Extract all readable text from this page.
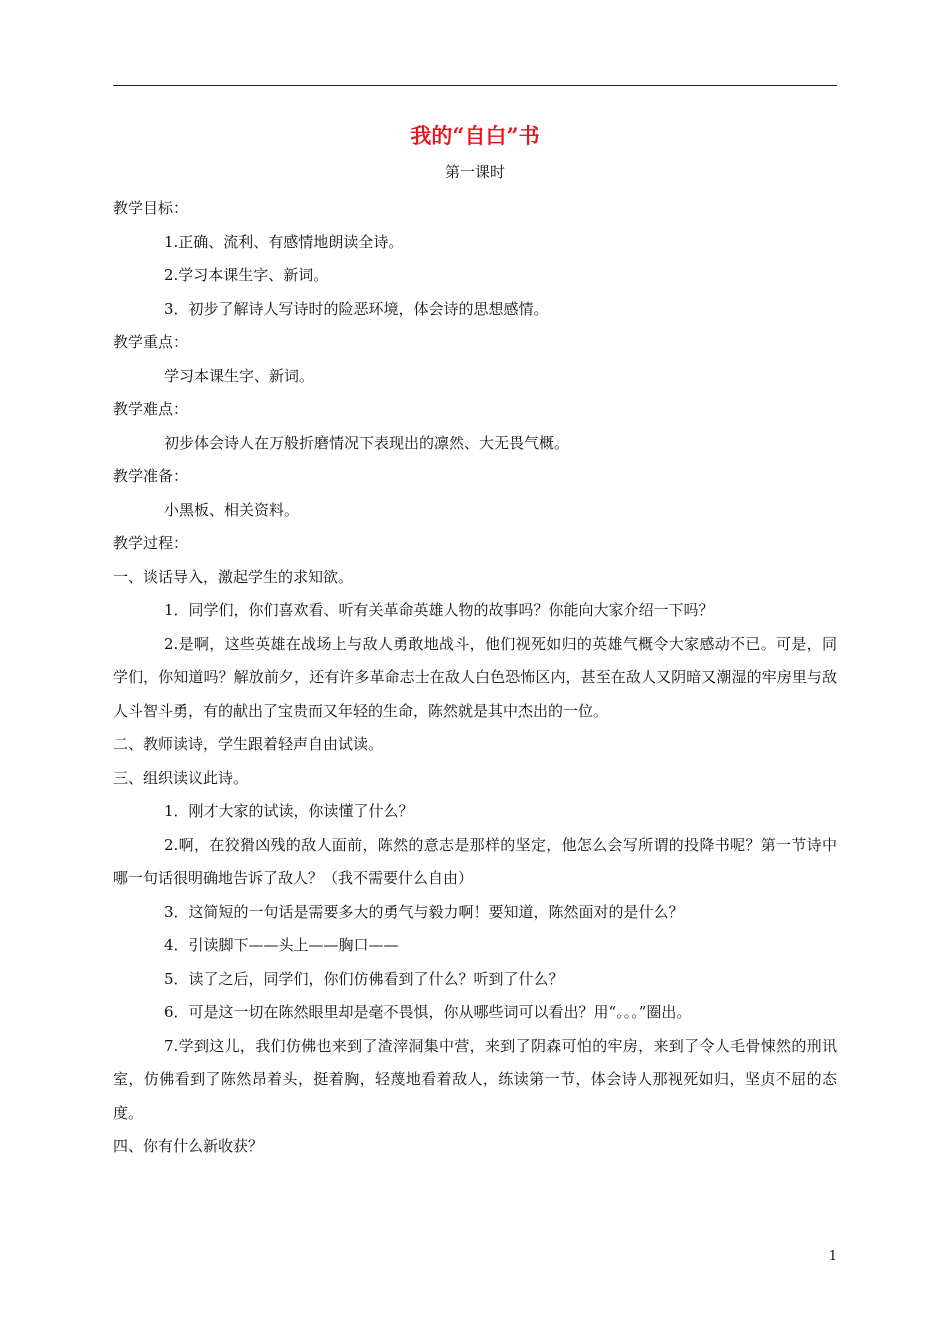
我的“自白”书
第一课时

教学目标：

1.正确、流利、有感情地朗读全诗。

2.学习本课生字、新词。

3．初步了解诗人写诗时的险恶环境，体会诗的思想感情。

教学重点：

学习本课生字、新词。

教学难点：

初步体会诗人在万般折磨情况下表现出的凛然、大无畏气概。

教学准备：

小黑板、相关资料。

教学过程：

一、谈话导入，激起学生的求知欲。

1．同学们，你们喜欢看、听有关革命英雄人物的故事吗？你能向大家介绍一下吗？

2.是啊，这些英雄在战场上与敌人勇敢地战斗，他们视死如归的英雄气概令大家感动不已。可是，同学们，你知道吗？解放前夕，还有许多革命志士在敌人白色恐怖区内，甚至在敌人又阴暗又潮湿的牢房里与敌人斗智斗勇，有的献出了宝贵而又年轻的生命，陈然就是其中杰出的一位。

二、教师读诗，学生跟着轻声自由试读。

三、组织读议此诗。

1．刚才大家的试读，你读懂了什么？

2.啊，在狡猾凶残的敌人面前，陈然的意志是那样的坚定，他怎么会写所谓的投降书呢？第一节诗中哪一句话很明确地告诉了敌人？（我不需要什么自由）

3．这简短的一句话是需要多大的勇气与毅力啊！要知道，陈然面对的是什么？

4．引读脚下——头上——胸口——

5．读了之后，同学们，你们仿佛看到了什么？听到了什么？

6．可是这一切在陈然眼里却是毫不畏惧，你从哪些词可以看出？用“。。。”圈出。

7.学到这儿，我们仿佛也来到了渣滓洞集中营，来到了阴森可怕的牢房，来到了令人毛骨悚然的刑讯室，仿佛看到了陈然昂着头，挺着胸，轻蔑地看着敌人，练读第一节，体会诗人那视死如归，坚贞不屈的态度。

四、你有什么新收获？

1
